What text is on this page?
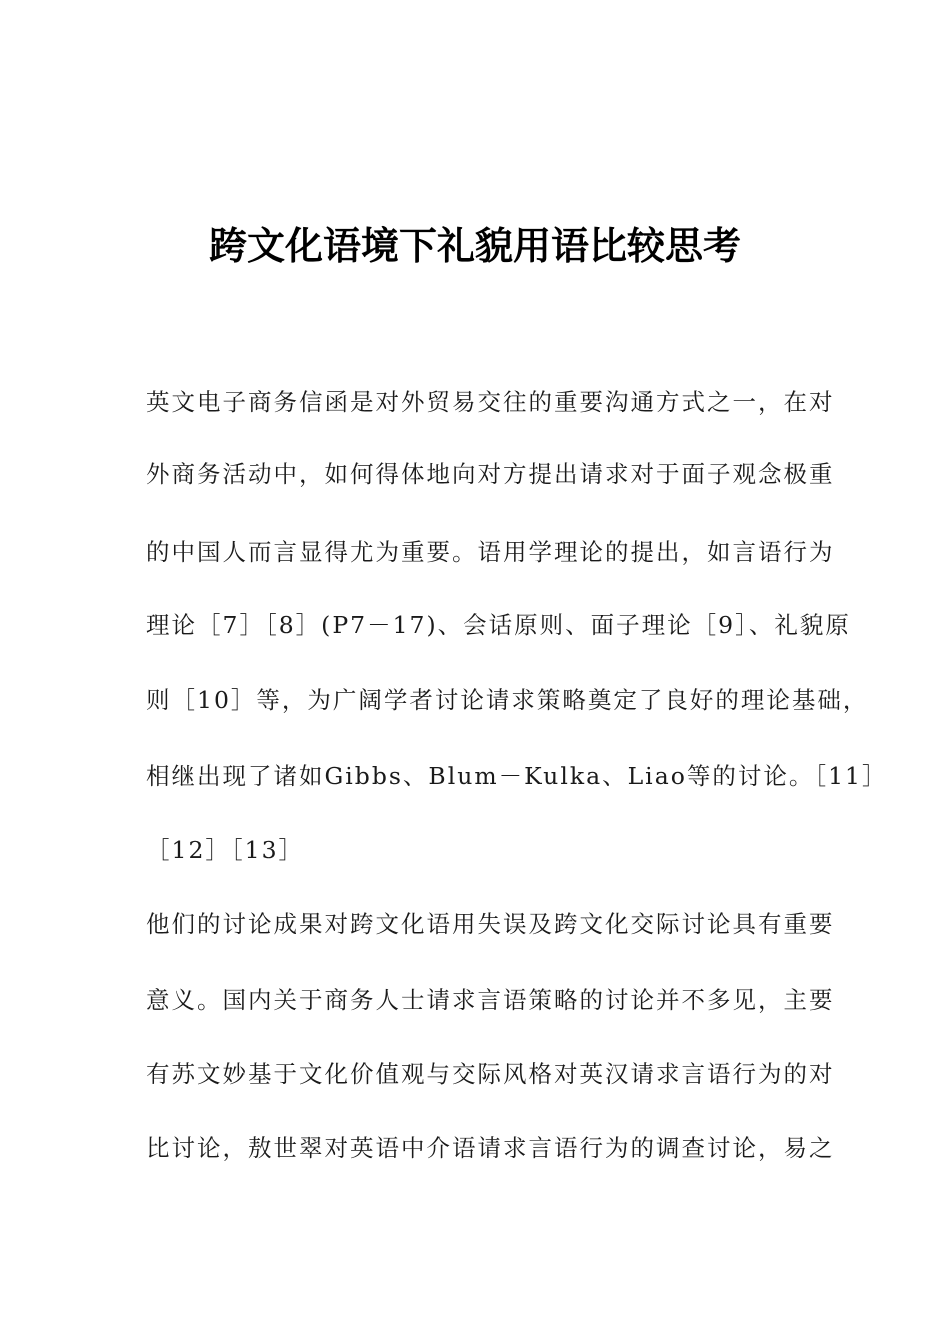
跨文化语境下礼貌用语比较思考
英文电子商务信函是对外贸易交往的重要沟通方式之一，在对
外商务活动中，如何得体地向对方提出请求对于面子观念极重
的中国人而言显得尤为重要。语用学理论的提出，如言语行为
理论［7］［8］(P7－17)、会话原则、面子理论［9］、礼貌原
则［10］等，为广阔学者讨论请求策略奠定了良好的理论基础，
相继出现了诸如Gibbs、Blum－Kulka、Liao等的讨论。［11］
［12］［13］
他们的讨论成果对跨文化语用失误及跨文化交际讨论具有重要
意义。国内关于商务人士请求言语策略的讨论并不多见，主要
有苏文妙基于文化价值观与交际风格对英汉请求言语行为的对
比讨论，敖世翠对英语中介语请求言语行为的调查讨论，易之
